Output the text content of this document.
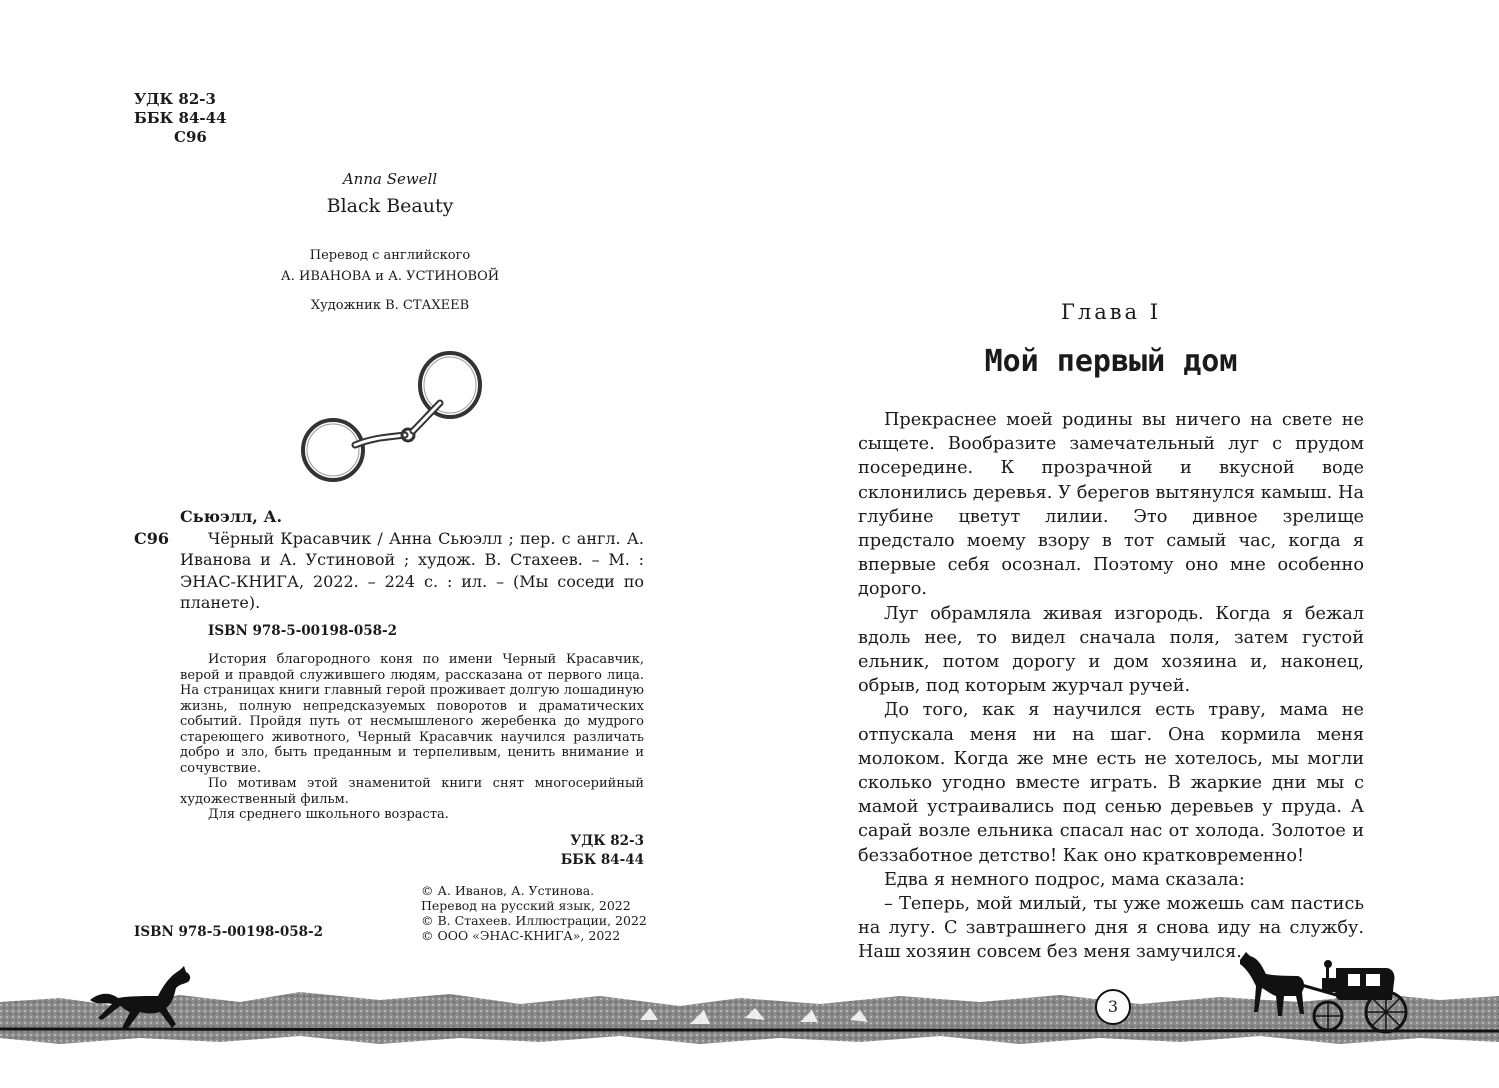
УДК 82-3
ББК 84-44
С96
Anna Sewell
Black Beauty
Перевод с английского
А. ИВАНОВА и А. УСТИНОВОЙ
Художник В. СТАХЕЕВ
С96
Сьюэлл, А.
Чёрный Красавчик / Анна Сьюэлл ; пер. с англ. А. Иванова и А. Устиновой ; худож. В. Стахеев. – М. : ЭНАС-КНИГА, 2022. – 224 с. : ил. – (Мы соседи по планете).
ISBN 978-5-00198-058-2

История благородного коня по имени Черный Красавчик, верой и правдой служившего людям, рассказана от первого лица. На страницах книги главный герой проживает долгую лошадиную жизнь, полную непредсказуемых поворотов и драматических событий. Пройдя путь от несмышленого жеребенка до мудрого стареющего животного, Черный Красавчик научился различать добро и зло, быть преданным и терпеливым, ценить внимание и сочувствие.

По мотивам этой знаменитой книги снят многосерийный художественный фильм.

Для среднего школьного возраста.

УДК 82-3
ББК 84-44
© А. Иванов, А. Устинова. Перевод на русский язык, 2022
© В. Стахеев. Иллюстрации, 2022
© ООО «ЭНАС-КНИГА», 2022
ISBN 978-5-00198-058-2
Глава I
Мой первый дом

Прекраснее моей родины вы ничего на свете не сыщете. Вообразите замечательный луг с прудом посередине. К прозрачной и вкусной воде склонились деревья. У берегов вытянулся камыш. На глубине цветут лилии. Это дивное зрелище предстало моему взору в тот самый час, когда я впервые себя осознал. Поэтому оно мне особенно дорого.

Луг обрамляла живая изгородь. Когда я бежал вдоль нее, то видел сначала поля, затем густой ельник, потом дорогу и дом хозяина и, наконец, обрыв, под которым журчал ручей.

До того, как я научился есть траву, мама не отпускала меня ни на шаг. Она кормила меня молоком. Когда же мне есть не хотелось, мы могли сколько угодно вместе играть. В жаркие дни мы с мамой устраивались под сенью деревьев у пруда. А сарай возле ельника спасал нас от холода. Золотое и беззаботное детство! Как оно кратковременно!

Едва я немного подрос, мама сказала:

– Теперь, мой милый, ты уже можешь сам пастись на лугу. С завтрашнего дня я снова иду на службу. Наш хозяин совсем без меня замучился.

3
